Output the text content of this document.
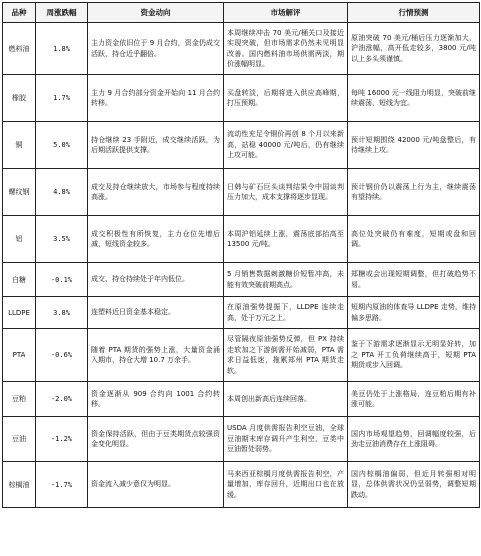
品种	周涨跌幅	资金动向	市场解评	行情预测
燃料油	1.8%	主力资金依旧位于 9 月合约，资金仍成交活跃，持仓近乎翻倍。	本周继续冲击 70 美元/桶关口及接近实现突破，但市场需求仍然未见明显改善。国内燃料油市场供需两淡，期价涨幅明显。	原油突破 70 美元/桶后压力逐渐加大，沪油涨幅，高开低走较多，3800 元/吨以上多头须谨慎。
橡胶	1.7%	主力 9 月合约部分资金开始向 11 月合约转移。	买盘转淡，后期将进入供应高峰期，打压预期。	每吨 16000 元一线阻力明显，突破前继续震荡，短线为宜。
铜	5.0%	持仓继续 23 手附近，成交继续活跃，为后期活跃提供支撑。	流动性充足令铜价再创 8 个月以来新高，站稳 40000 元/吨后，仍有继续上攻可能。	预计短期围绕 42000 元/吨盘整后，有待继续上攻。
螺纹钢	4.8%	成交及持仓继续放大，市场参与程度持续高涨。	日韩与矿石巨头谈判结果令中国谈判压力加大，成本支撑将逐步显现。	预计钢价仍以震荡上行为主，继续震荡有望持续。
铝	3.5%	成交积极性有所恢复，主力仓位先增后减，短线资金较多。	本周沪铝延续上涨，震荡底部抬高至 13500 元/吨。	高位处突破仍有难度，短期或盘和回调。
白糖	-0.1%	成交、持仓持续处于年内低位。	5 月销售数据刺激糖价短暂冲高，未能有效突破前期高点。	郑糖或会出现短期调整，但打破趋势不易。
LLDPE	3.8%	连塑料近日资金基本稳定。	在原油强势提振下，LLDPE 连续走高，处于万元之上。	短期内原油的体查导 LLDPE 走势，维持偏多思路。
PTA	-0.6%	随着 PTA 期货的强势上涨，大量资金涌入期市，持仓大增 10.7 万余手。	尽管隔夜原油强势反弹，但 PX 持续走软加之下游倒需开始减弱，PTA 需求日益低迷，拖累郑州 PTA 期货走软。	鉴于下游需求逐渐显示无明显好转，加之 PTA 开工负荷继续高于，短期 PTA 期货或步入回调。
豆粕	-2.0%	资金逐渐从 909 合约向 1001 合约转移。	本周创出新高后连续回落。	美豆仍处于上涨格局，连豆粕后期有补涨可能。
豆油	-1.2%	资金保持活跃，但由于豆类期货点较强资金变化明显。	USDA 月度供需报告利空豆油，全球豆油期末库存调升产生利空，豆类中豆油暂处弱势。	国内市场观望趋势，回调幅度较强，后劲走豆油消费存在上涨阻碍。
棕榈油	-1.7%	资金流入减少意仅为明显。	马来西亚棕榈月度供需报告利空，产量增加，库存回升，近期出口也在放缓。	国内棕榈油偏弱，但近月转强相对明显，总体供需状况仍呈弱势，调整短期跌动。
